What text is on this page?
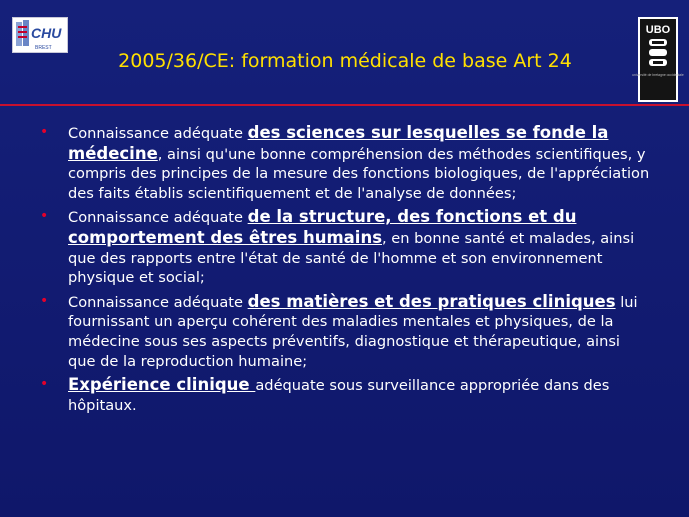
CHU
BREST
UBO
université de bretagne occidentale
2005/36/CE: formation médicale de base Art 24
• Connaissance adéquate des sciences sur lesquelles se fonde la médecine, ainsi qu'une bonne compréhension des méthodes scientifiques, y compris des principes de la mesure des fonctions biologiques, de l'appréciation des faits établis scientifiquement et de l'analyse de données;
• Connaissance adéquate de la structure, des fonctions et du comportement des êtres humains, en bonne santé et malades, ainsi que des rapports entre l'état de santé de l'homme et son environnement physique et social;
• Connaissance adéquate des matières et des pratiques cliniques lui fournissant un aperçu cohérent des maladies mentales et physiques, de la médecine sous ses aspects préventifs, diagnostique et thérapeutique, ainsi que de la reproduction humaine;
• Expérience clinique adéquate sous surveillance appropriée dans des hôpitaux.
